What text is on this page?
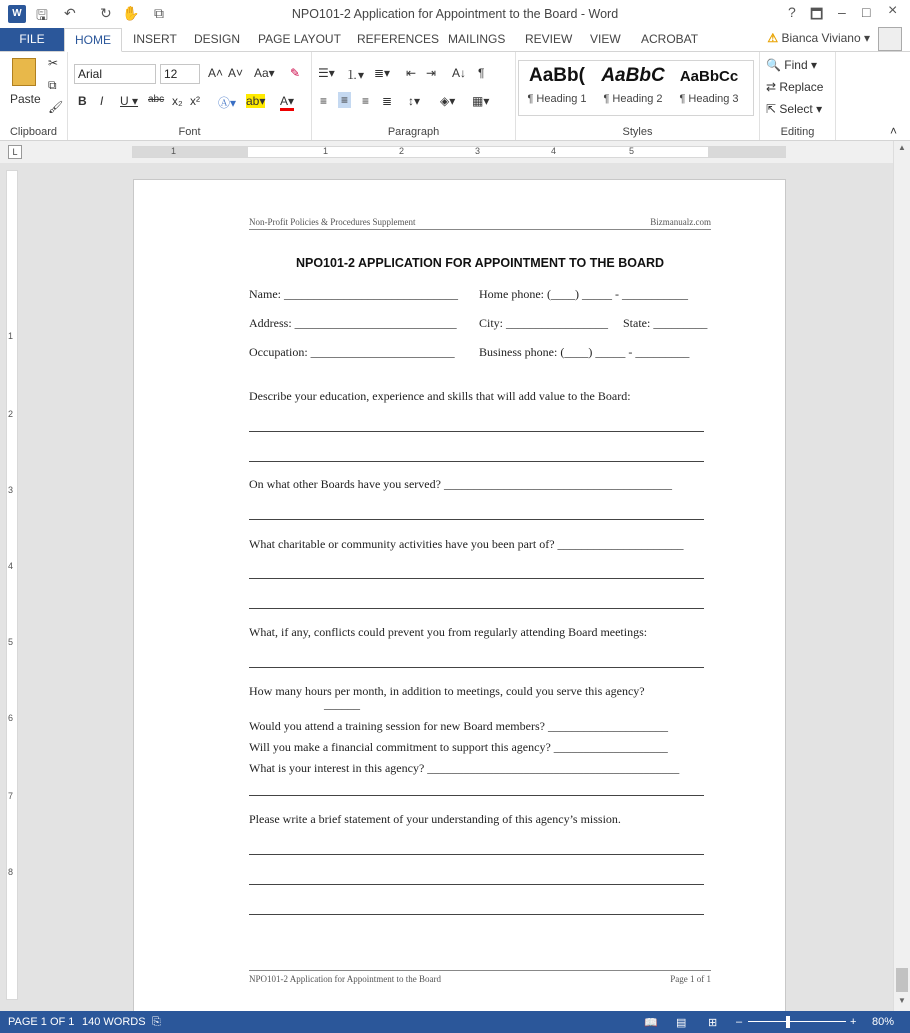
W	🖫 ↶ ↻ ✋ ⧉	NPO101-2 Application for Appointment to the Board - Word	? 🗖 – □ ×
FILE	HOME	INSERT DESIGN PAGE LAYOUT REFERENCES MAILINGS REVIEW VIEW ACROBAT	⚠ Bianca Viviano ▾
Paste
✂
⧉
🖌
Clipboard
Arial	12	A˄ A˅ Aa▾ ✎
B I U ▾ abc x₂ x² Ⓐ▾ ab▾ A▾
Font
☰▾ ⒈▾ ≣▾ ⇤ ⇥ A↓ ¶
≡ ≡ ≡ ≣ ↕▾ ◈▾ ▦▾
Paragraph
AaBb(
¶ Heading 1
AaBbC
¶ Heading 2
AaBbCc
¶ Heading 3
Styles
🔍 Find ▾
⇄ Replace
⇱ Select ▾
Editing	˄
L	1	1	2	3	4	5
1
2
3
4
5
6
7
8
Non-Profit Policies & Procedures Supplement	Bizmanualz.com
NPO101-2 APPLICATION FOR APPOINTMENT TO THE BOARD
Name: _____________________________ Home phone: (____) _____ - ___________
Address: ___________________________ City: _________________ State: _________
Occupation: ________________________ Business phone: (____) _____ - _________
Describe your education, experience and skills that will add value to the Board:
On what other Boards have you served? ______________________________________
What charitable or community activities have you been part of? _____________________
What, if any, conflicts could prevent you from regularly attending Board meetings:
How many hours per month, in addition to meetings, could you serve this agency?
______
Would you attend a training session for new Board members? ____________________
Will you make a financial commitment to support this agency? ___________________
What is your interest in this agency? __________________________________________
Please write a brief statement of your understanding of this agency’s mission.
NPO101-2 Application for Appointment to the Board	Page 1 of 1
▲
▼
PAGE 1 OF 1 140 WORDS ⎘	📖 ▤ ⊞ –	+ 80%
